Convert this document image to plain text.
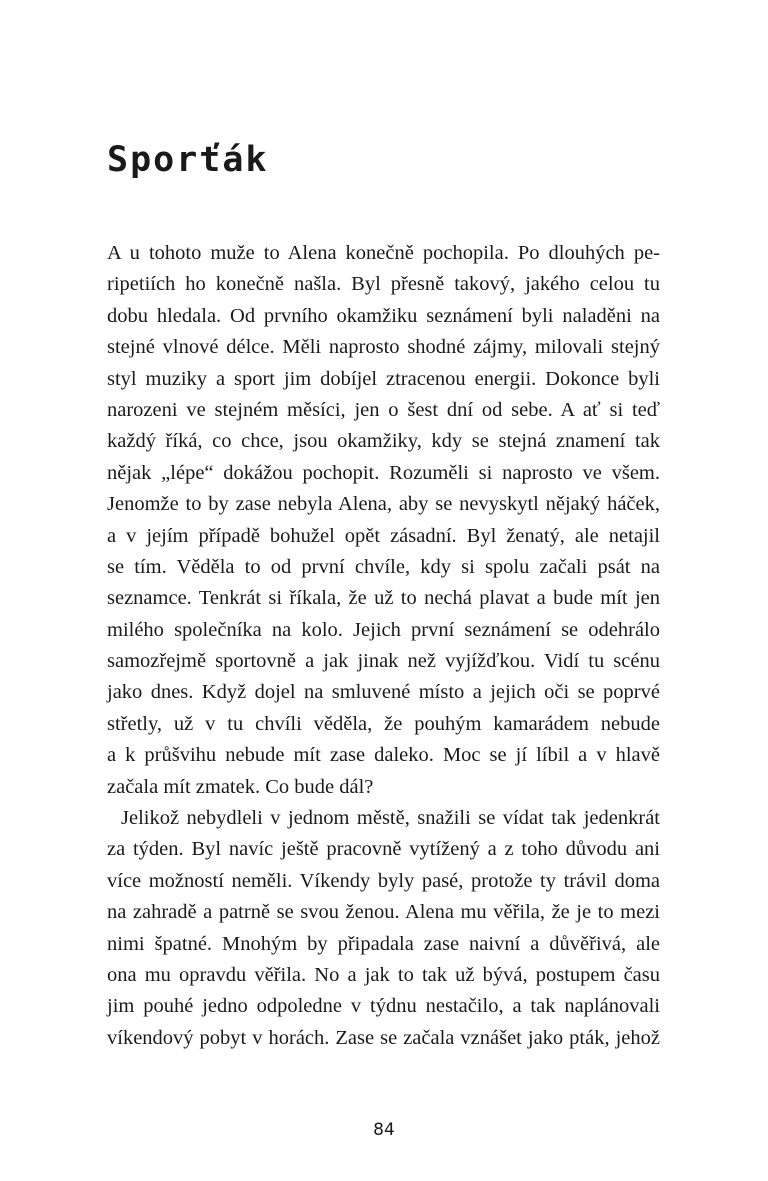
Sporťák
A u tohoto muže to Alena konečně pochopila. Po dlouhých pe-
ripetiích ho konečně našla. Byl přesně takový, jakého celou tu
dobu hledala. Od prvního okamžiku seznámení byli naladěni na
stejné vlnové délce. Měli naprosto shodné zájmy, milovali stejný
styl muziky a sport jim dobíjel ztracenou energii. Dokonce byli
narozeni ve stejném měsíci, jen o šest dní od sebe. A ať si teď
každý říká, co chce, jsou okamžiky, kdy se stejná znamení tak
nějak „lépe“ dokážou pochopit. Rozuměli si naprosto ve všem.
Jenomže to by zase nebyla Alena, aby se nevyskytl nějaký háček,
a v jejím případě bohužel opět zásadní. Byl ženatý, ale netajil
se tím. Věděla to od první chvíle, kdy si spolu začali psát na
seznamce. Tenkrát si říkala, že už to nechá plavat a bude mít jen
milého společníka na kolo. Jejich první seznámení se odehrálo
samozřejmě sportovně a jak jinak než vyjížďkou. Vidí tu scénu
jako dnes. Když dojel na smluvené místo a jejich oči se poprvé
střetly, už v tu chvíli věděla, že pouhým kamarádem nebude
a k průšvihu nebude mít zase daleko. Moc se jí líbil a v hlavě
začala mít zmatek. Co bude dál?
Jelikož nebydleli v jednom městě, snažili se vídat tak jedenkrát
za týden. Byl navíc ještě pracovně vytížený a z toho důvodu ani
více možností neměli. Víkendy byly pasé, protože ty trávil doma
na zahradě a patrně se svou ženou. Alena mu věřila, že je to mezi
nimi špatné. Mnohým by připadala zase naivní a důvěřivá, ale
ona mu opravdu věřila. No a jak to tak už bývá, postupem času
jim pouhé jedno odpoledne v týdnu nestačilo, a tak naplánovali
víkendový pobyt v horách. Zase se začala vznášet jako pták, jehož
84
